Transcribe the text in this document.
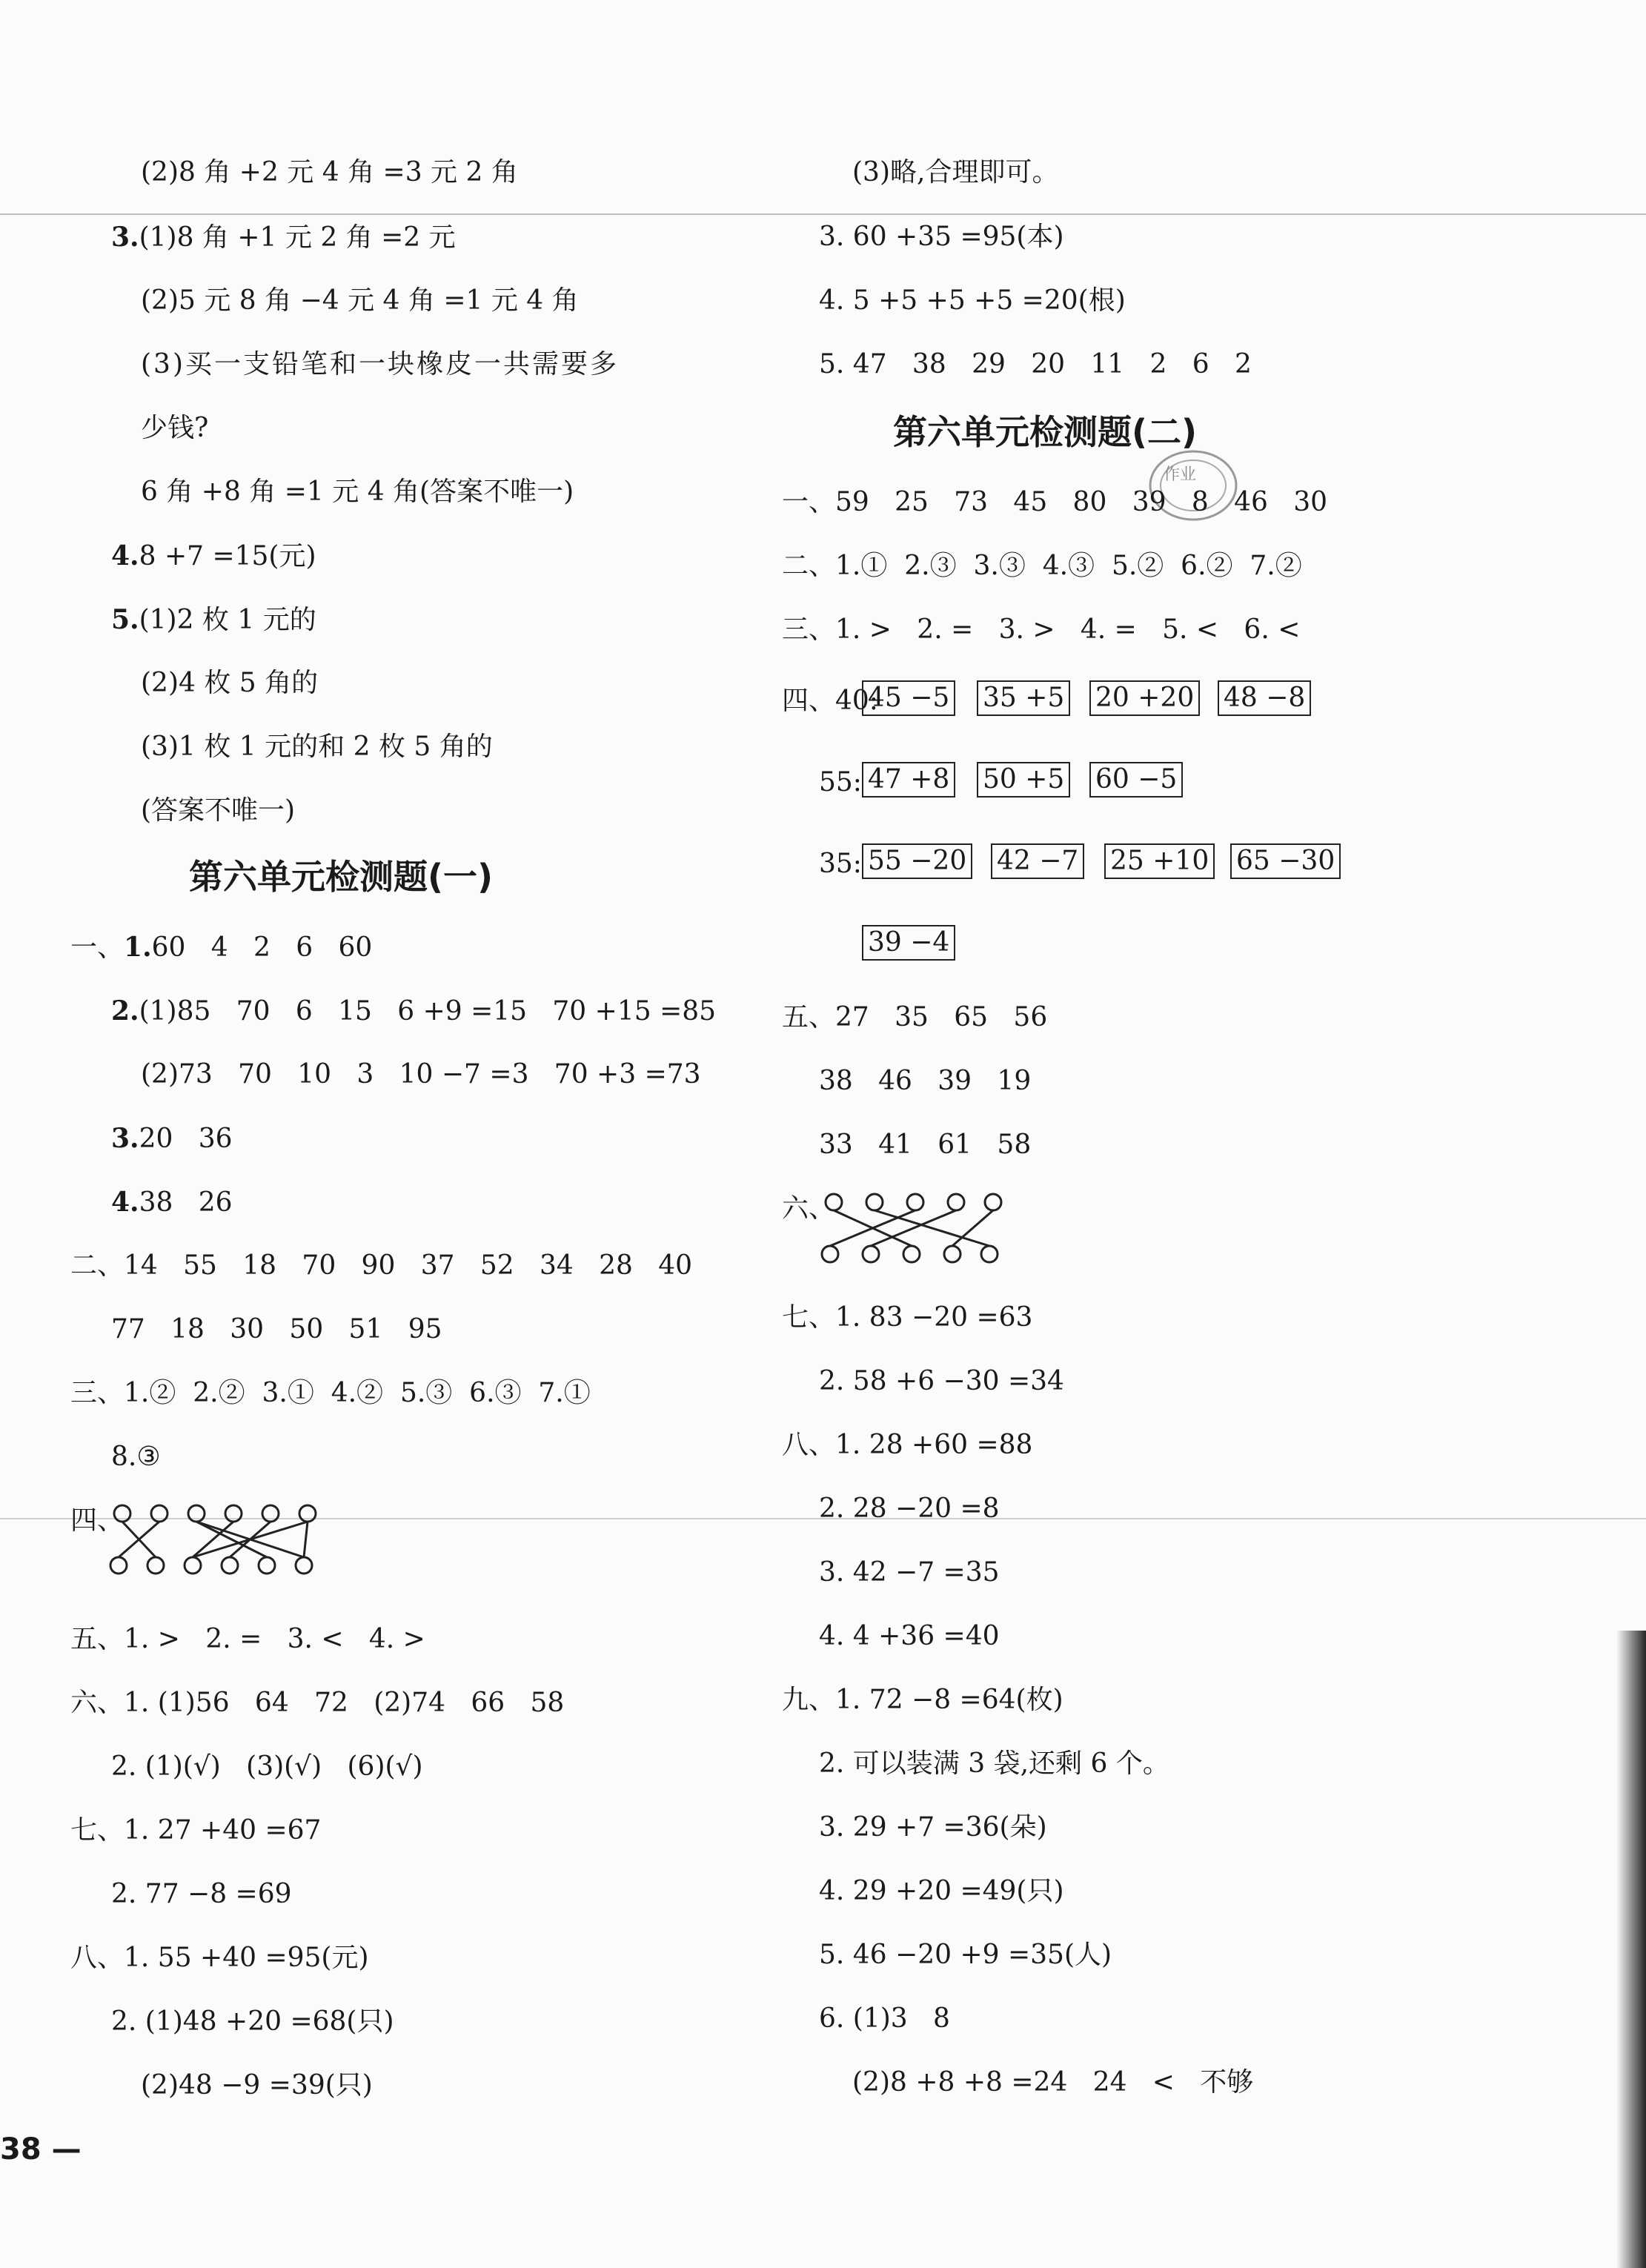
(2)8 角 +2 元 4 角 =3 元 2 角
3.(1)8 角 +1 元 2 角 =2 元
(2)5 元 8 角 −4 元 4 角 =1 元 4 角
(3)买一支铅笔和一块橡皮一共需要多
少钱?
6 角 +8 角 =1 元 4 角(答案不唯一)
4.8 +7 =15(元)
5.(1)2 枚 1 元的
(2)4 枚 5 角的
(3)1 枚 1 元的和 2 枚 5 角的
(答案不唯一)
第六单元检测题(一)
一、1.60   4   2   6   60
2.(1)85   70   6   15   6 +9 =15   70 +15 =85
(2)73   70   10   3   10 −7 =3   70 +3 =73
3.20   36
4.38   26
二、14   55   18   70   90   37   52   34   28   40
77   18   30   50   51   95
三、1.②  2.②  3.①  4.②  5.③  6.③  7.①
8.③
四、
五、1. >   2. =   3. <   4. >
六、1. (1)56   64   72   (2)74   66   58
2. (1)(√)   (3)(√)   (6)(√)
七、1. 27 +40 =67
2. 77 −8 =69
八、1. 55 +40 =95(元)
2. (1)48 +20 =68(只)
(2)48 −9 =39(只)
38 —
(3)略,合理即可。
3. 60 +35 =95(本)
4. 5 +5 +5 +5 =20(根)
5. 47   38   29   20   11   2   6   2
第六单元检测题(二)
作业
一、59   25   73   45   80   39   8   46   30
二、1.①  2.③  3.③  4.③  5.②  6.②  7.②
三、1. >   2. =   3. >   4. =   5. <   6. <
四、40:
45 −5 35 +5 20 +20 48 −8
55: 47 +8 50 +5 60 −5
35: 55 −20 42 −7 25 +10 65 −30
39 −4
五、27   35   65   56
38   46   39   19
33   41   61   58
六、
七、1. 83 −20 =63
2. 58 +6 −30 =34
八、1. 28 +60 =88
2. 28 −20 =8
3. 42 −7 =35
4. 4 +36 =40
九、1. 72 −8 =64(枚)
2. 可以装满 3 袋,还剩 6 个。
3. 29 +7 =36(朵)
4. 29 +20 =49(只)
5. 46 −20 +9 =35(人)
6. (1)3   8
(2)8 +8 +8 =24   24   <   不够
